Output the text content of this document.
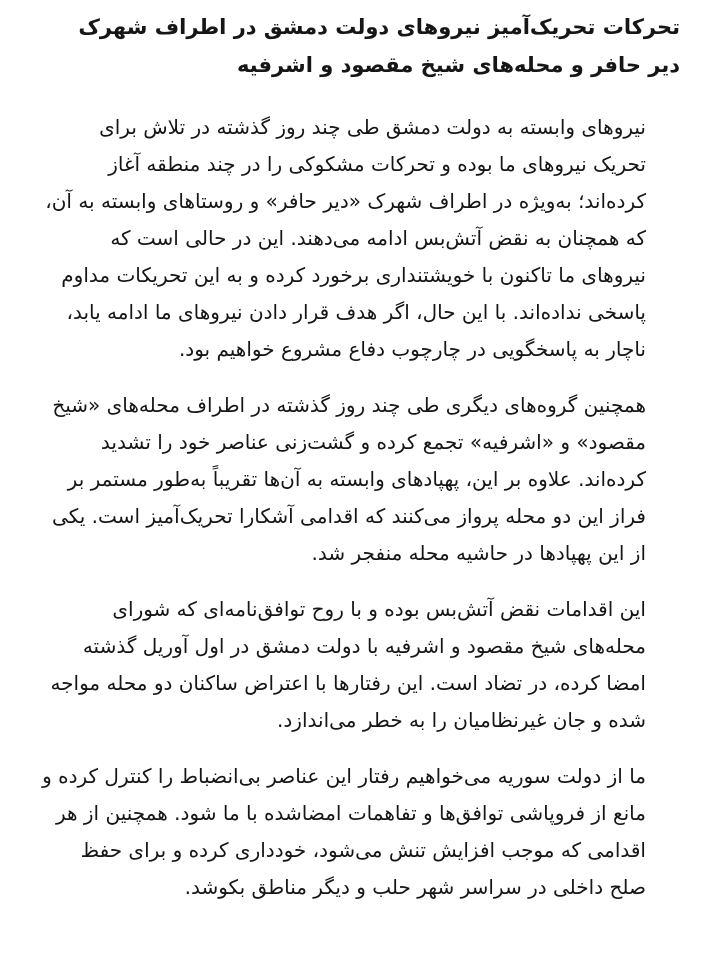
تحرکات تحریک‌آمیز نیروهای دولت دمشق در اطراف شهرک دیر حافر و محله‌های شیخ مقصود و اشرفیه

نیروهای وابسته به دولت دمشق طی چند روز گذشته در تلاش برای تحریک نیروهای ما بوده و تحرکات مشکوکی را در چند منطقه آغاز کرده‌اند؛ به‌ویژه در اطراف شهرک «دیر حافر» و روستاهای وابسته به آن، که همچنان به نقض آتش‌بس ادامه می‌دهند. این در حالی است که نیروهای ما تاکنون با خویشتنداری برخورد کرده و به این تحریکات مداوم پاسخی نداده‌اند. با این حال، اگر هدف قرار دادن نیروهای ما ادامه یابد، ناچار به پاسخگویی در چارچوب دفاع مشروع خواهیم بود.

همچنین گروه‌های دیگری طی چند روز گذشته در اطراف محله‌های «شیخ مقصود» و «اشرفیه» تجمع کرده و گشت‌زنی عناصر خود را تشدید کرده‌اند. علاوه بر این، پهپادهای وابسته به آن‌ها تقریباً به‌طور مستمر بر فراز این دو محله پرواز می‌کنند که اقدامی آشکارا تحریک‌آمیز است. یکی از این پهپادها در حاشیه محله منفجر شد.

این اقدامات نقض آتش‌بس بوده و با روح توافق‌نامه‌ای که شورای محله‌های شیخ مقصود و اشرفیه با دولت دمشق در اول آوریل گذشته امضا کرده، در تضاد است. این رفتارها با اعتراض ساکنان دو محله مواجه شده و جان غیرنظامیان را به خطر می‌اندازد.

ما از دولت سوریه می‌خواهیم رفتار این عناصر بی‌انضباط را کنترل کرده و مانع از فروپاشی توافق‌ها و تفاهمات امضاشده با ما شود. همچنین از هر اقدامی که موجب افزایش تنش می‌شود، خودداری کرده و برای حفظ صلح داخلی در سراسر شهر حلب و دیگر مناطق بکوشد.
